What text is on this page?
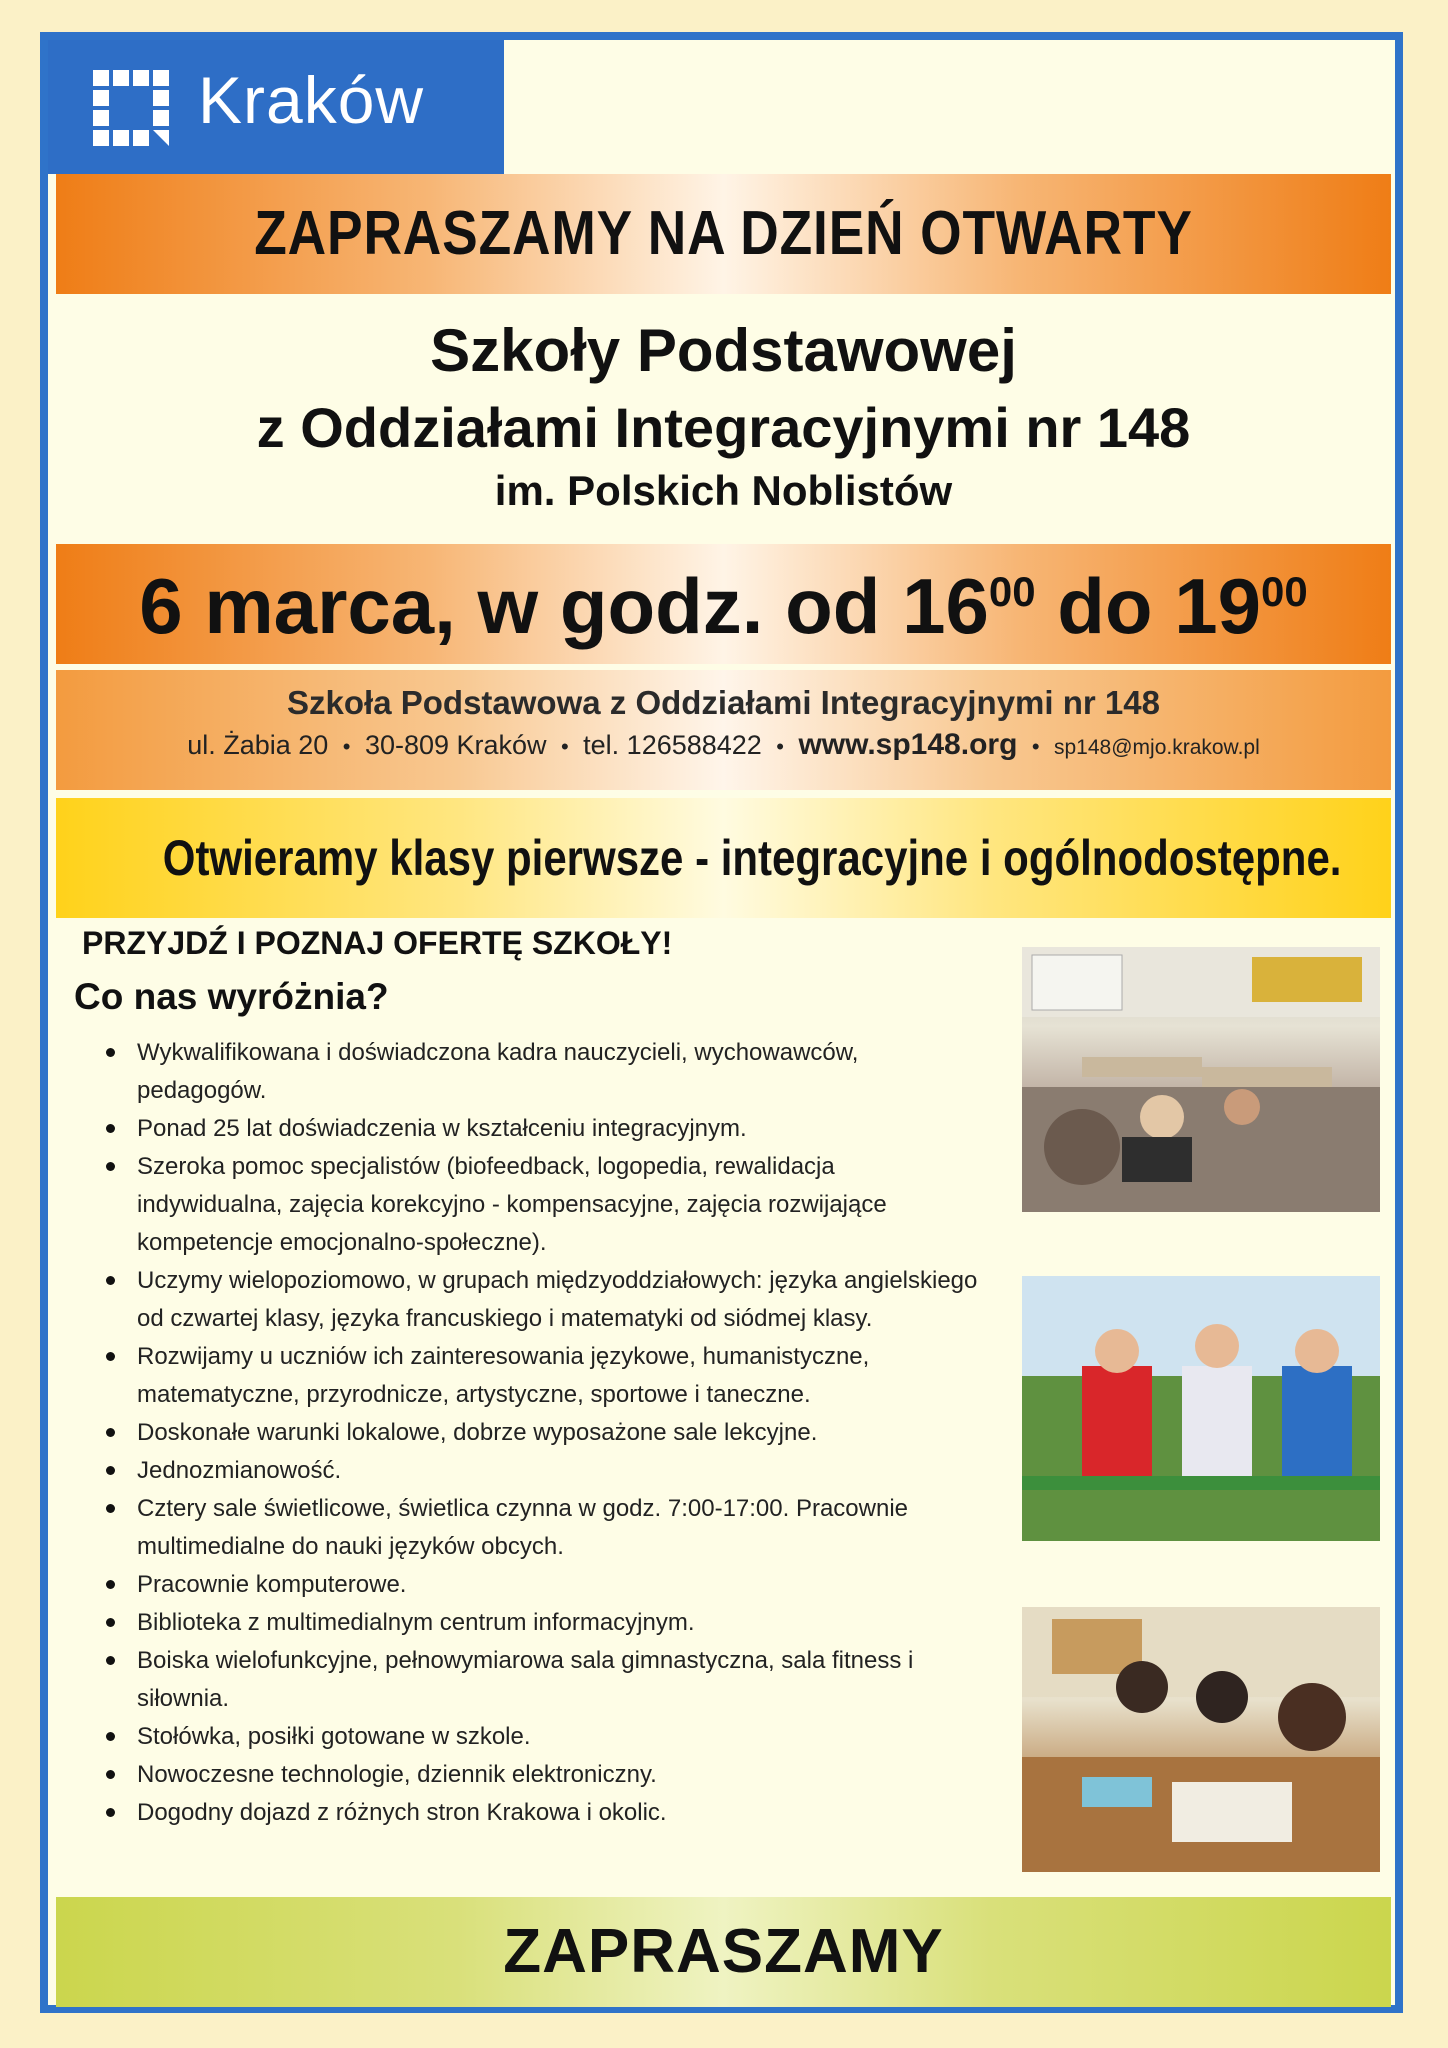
Kraków
ZAPRASZAMY NA DZIEŃ OTWARTY
Szkoły Podstawowej
z Oddziałami Integracyjnymi nr 148
im. Polskich Noblistów
6 marca, w godz. od $16^{00}$ do $19^{00}$
Szkoła Podstawowa z Oddziałami Integracyjnymi nr 148
ul. Żabia 20 • 30-809 Kraków • tel. 126588422 • www.sp148.org • sp148@mjo.krakow.pl
Otwieramy klasy pierwsze - integracyjne i ogólnodostępne.
PRZYJDŹ I POZNAJ OFERTĘ SZKOŁY!
Co nas wyróżnia?
Wykwalifikowana i doświadczona kadra nauczycieli, wychowawców, pedagogów.
Ponad 25 lat doświadczenia w kształceniu integracyjnym.
Szeroka pomoc specjalistów (biofeedback, logopedia, rewalidacja indywidualna, zajęcia korekcyjno - kompensacyjne, zajęcia rozwijające kompetencje emocjonalno-społeczne).
Uczymy wielopoziomowo, w grupach międzyoddziałowych: języka angielskiego od czwartej klasy, języka francuskiego i matematyki od siódmej klasy.
Rozwijamy u uczniów ich zainteresowania językowe, humanistyczne, matematyczne, przyrodnicze, artystyczne, sportowe i taneczne.
Doskonałe warunki lokalowe, dobrze wyposażone sale lekcyjne.
Jednozmianowość.
Cztery sale świetlicowe, świetlica czynna w godz. 7:00-17:00. Pracownie multimedialne do nauki języków obcych.
Pracownie komputerowe.
Biblioteka z multimedialnym centrum informacyjnym.
Boiska wielofunkcyjne, pełnowymiarowa sala gimnastyczna, sala fitness i siłownia.
Stołówka, posiłki gotowane w szkole.
Nowoczesne technologie, dziennik elektroniczny.
Dogodny dojazd z różnych stron Krakowa i okolic.
ZAPRASZAMY
